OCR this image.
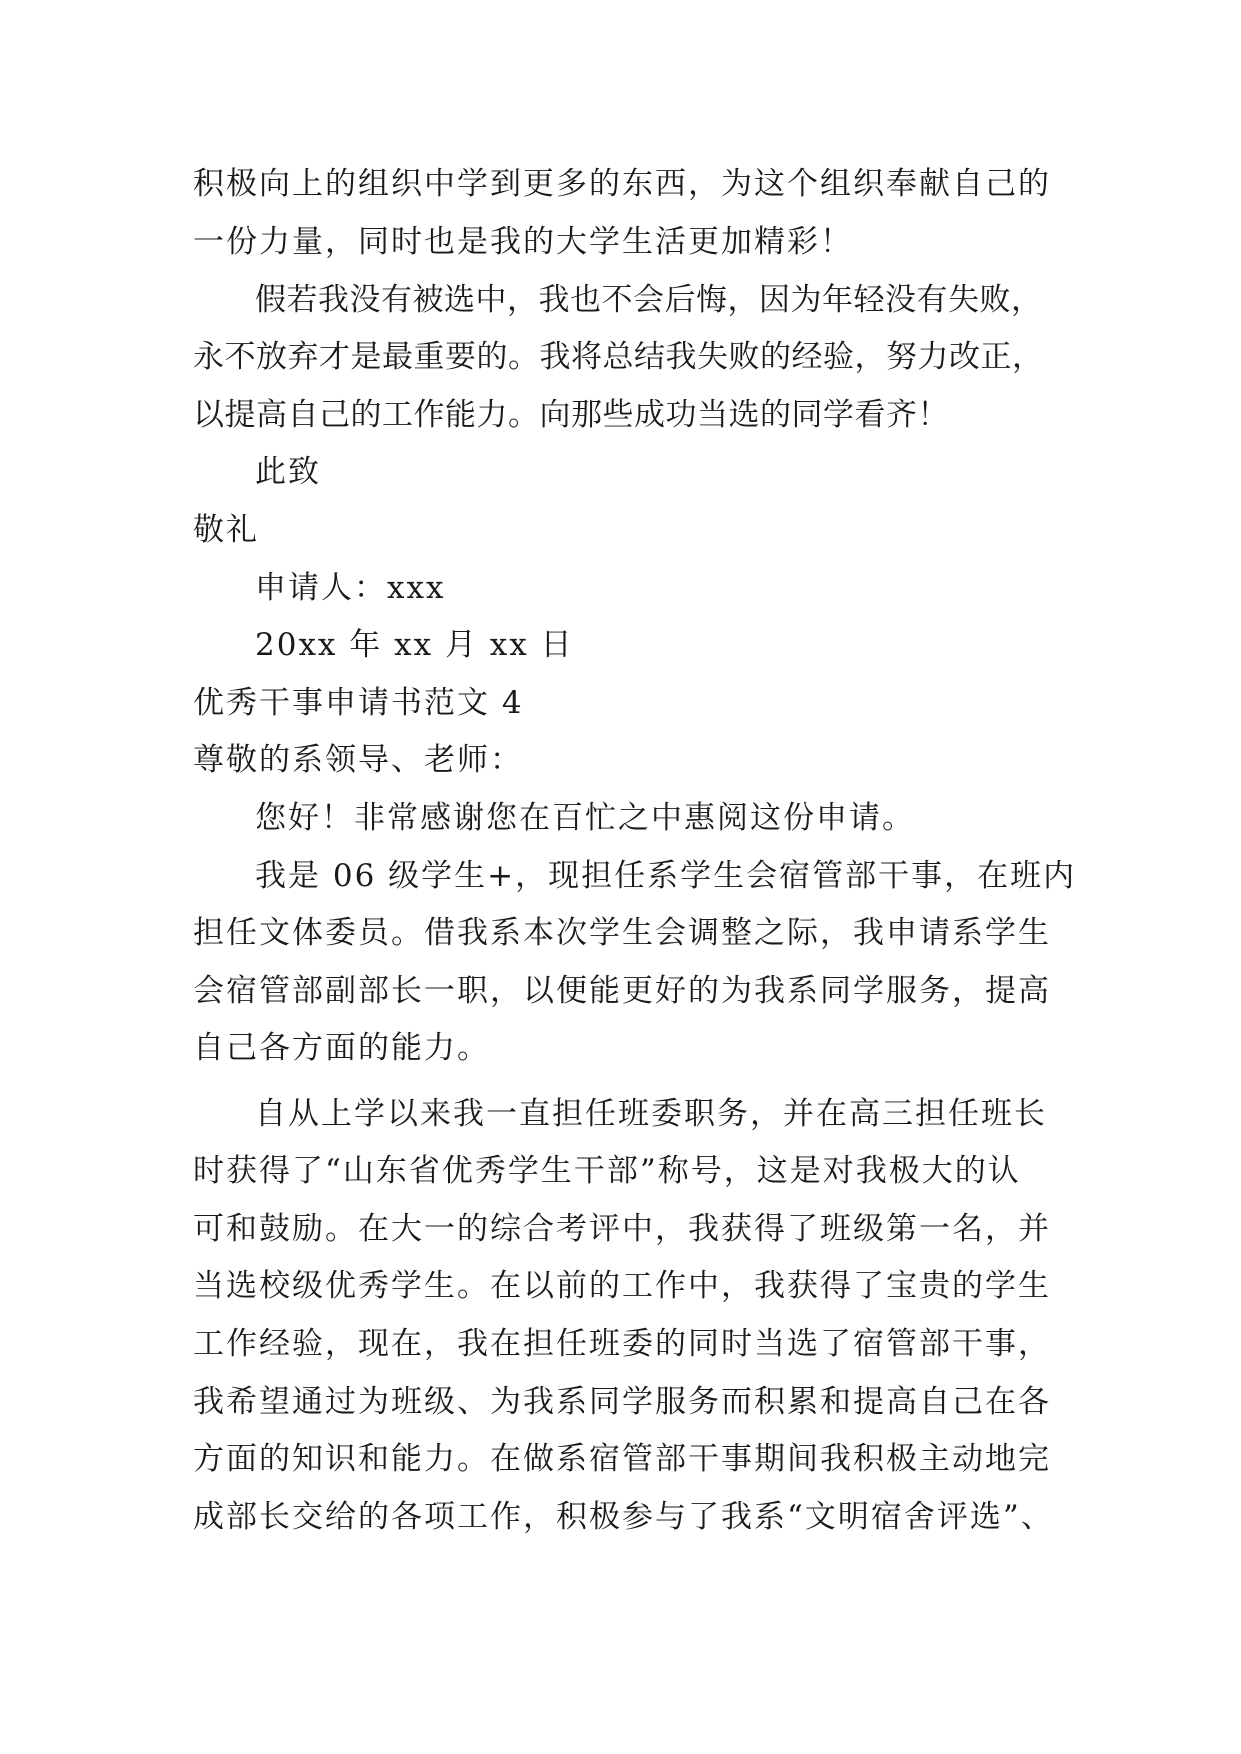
积极向上的组织中学到更多的东西，为这个组织奉献自己的
一份力量，同时也是我的大学生活更加精彩！
假若我没有被选中，我也不会后悔，因为年轻没有失败，
永不放弃才是最重要的。我将总结我失败的经验，努力改正，
以提高自己的工作能力。向那些成功当选的同学看齐！
此致
敬礼
申请人：xxx
20xx 年 xx 月 xx 日
优秀干事申请书范文 4
尊敬的系领导、老师：
您好！非常感谢您在百忙之中惠阅这份申请。
我是 06 级学生+，现担任系学生会宿管部干事，在班内
担任文体委员。借我系本次学生会调整之际，我申请系学生
会宿管部副部长一职，以便能更好的为我系同学服务，提高
自己各方面的能力。
自从上学以来我一直担任班委职务，并在高三担任班长
时获得了“山东省优秀学生干部”称号，这是对我极大的认
可和鼓励。在大一的综合考评中，我获得了班级第一名，并
当选校级优秀学生。在以前的工作中，我获得了宝贵的学生
工作经验，现在，我在担任班委的同时当选了宿管部干事，
我希望通过为班级、为我系同学服务而积累和提高自己在各
方面的知识和能力。在做系宿管部干事期间我积极主动地完
成部长交给的各项工作，积极参与了我系“文明宿舍评选”、
